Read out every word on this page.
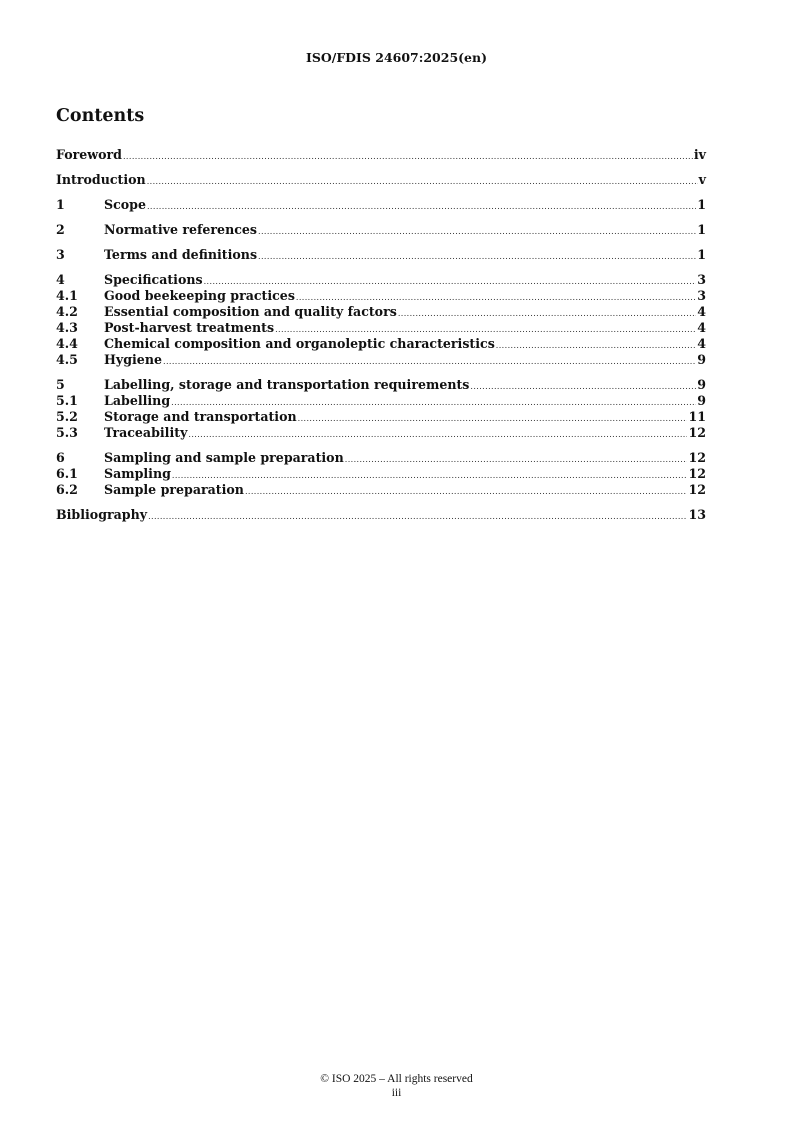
ISO/FDIS 24607:2025(en)
Contents
Foreword .....	iv
Introduction .....	v
1	Scope .....	1
2	Normative references .....	1
3	Terms and definitions .....	1
4	Specifications .....	3
4.1	Good beekeeping practices .....	3
4.2	Essential composition and quality factors .....	4
4.3	Post-harvest treatments .....	4
4.4	Chemical composition and organoleptic characteristics .....	4
4.5	Hygiene .....	9
5	Labelling, storage and transportation requirements .....	9
5.1	Labelling .....	9
5.2	Storage and transportation .....	11
5.3	Traceability .....	12
6	Sampling and sample preparation .....	12
6.1	Sampling .....	12
6.2	Sample preparation .....	12
Bibliography .....	13
© ISO 2025 – All rights reserved
iii
